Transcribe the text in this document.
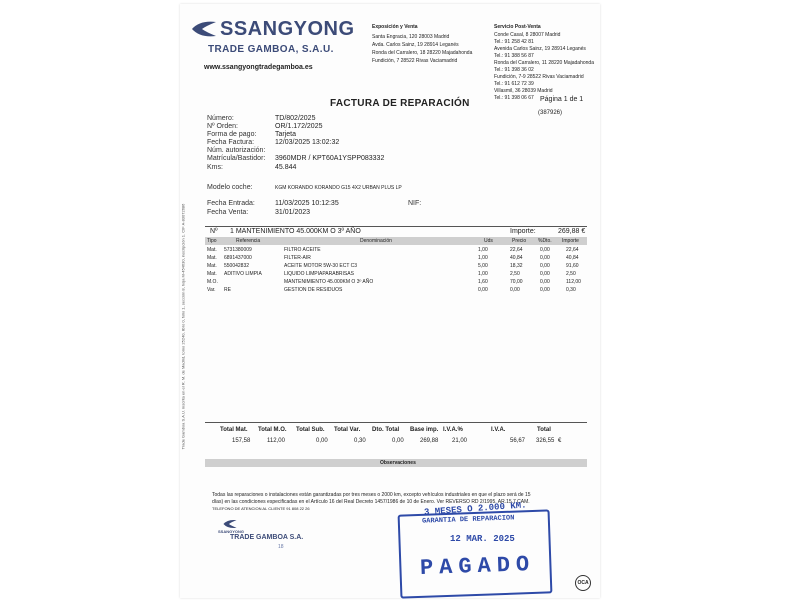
Trade Gamboa S.A.U. inscrita en el R. M. de Madrid, tomo 25240, libro 0, folio 1, sección 8, hoja M-454630, inscripción 1. CIF A-83072686
SSANGYONG
TRADE GAMBOA, S.A.U.
www.ssangyongtradegamboa.es
Exposición y Venta
Santa Engracia, 120 28003 Madrid
Avda. Carlos Sainz, 19 28914 Leganés
Ronda del Carralero, 18 28220 Majadahonda
Fundición, 7 28522 Rivas Vaciamadrid
Servicio Post-Venta
Conde Casal, 8 28007 Madrid
Tel.: 91 258 42 81
Avenida Carlos Sainz, 19 28914 Leganés
Tel.: 91 388 56 87
Ronda del Carralero, 11 28220 Majadahonda
Tel.: 91 398 36 02
Fundición, 7-9 28522 Rivas Vaciamadrid
Tel.: 91 612 72 39
Villasmil, 36 28039 Madrid
Tel.: 91 398 06 67 Página 1 de 1
(387926)
FACTURA DE REPARACIÓN
Número:	TD/802/2025
Nº Orden:	OR/1.172/2025
Forma de pago:	Tarjeta
Fecha Factura:	12/03/2025 13:02:32
Núm. autorización:
Matrícula/Bastidor: 3960MDR / KPT60A1YSPP083332
Kms:	45.844
Modelo coche:	KGM KORANDO KORANDO G15 4X2 URBAN PLUS LP
Fecha Entrada:	11/03/2025 10:12:35	NIF:
Fecha Venta:	31/01/2023
Nº 1 MANTENIMIENTO 45.000KM O 3º AÑO	Importe:	269,88 €
Tipo	Referencia	Denominación	Uds	Precio %Dto. Importe
Mat. 5731380009	FILTRO ACEITE	1,00	22,64	0,00	22,64
Mat. 6891437000	FILTER-AIR	1,00	40,84	0,00	40,84
Mat. 550042832	ACEITE MOTOR 5W-30 ECT C3	5,00	18,32	0,00	91,60
Mat. ADITIVO LIMPIA	LIQUIDO LIMPIAPARABRISAS	1,00	2,50	0,00	2,50
M.O.	MANTENIMIENTO 45.000KM O 3º AÑO	1,60	70,00	0,00	112,00
Var. RE	GESTION DE RESIDUOS	0,00	0,00	0,00	0,30
Total Mat. Total M.O. Total Sub. Total Var. Dto. Total Base imp. I.V.A.%	I.V.A.	Total
157,58	112,00	0,00	0,30	0,00	269,88 21,00	56,67 326,55 €
Observaciones
Todas las reparaciones o instalaciones están garantizadas por tres meses o 2000 km, excepto vehículos industriales en que el plazo será de 15
días) en las condiciones especificadas en el Artículo 16 del Real Decreto 1457/1986 de 10 de Enero. Ver REVERSO RD 2/1995. AR.15.7 CAM.
TELEFONO DE ATENCION AL CLIENTE 91 808 22 26
SSANGYONG
TRADE GAMBOA S.A.
18
3 MESES O 2.000 KM.
GARANTIA DE REPARACION
12 MAR. 2025
PAGADO
OCA
